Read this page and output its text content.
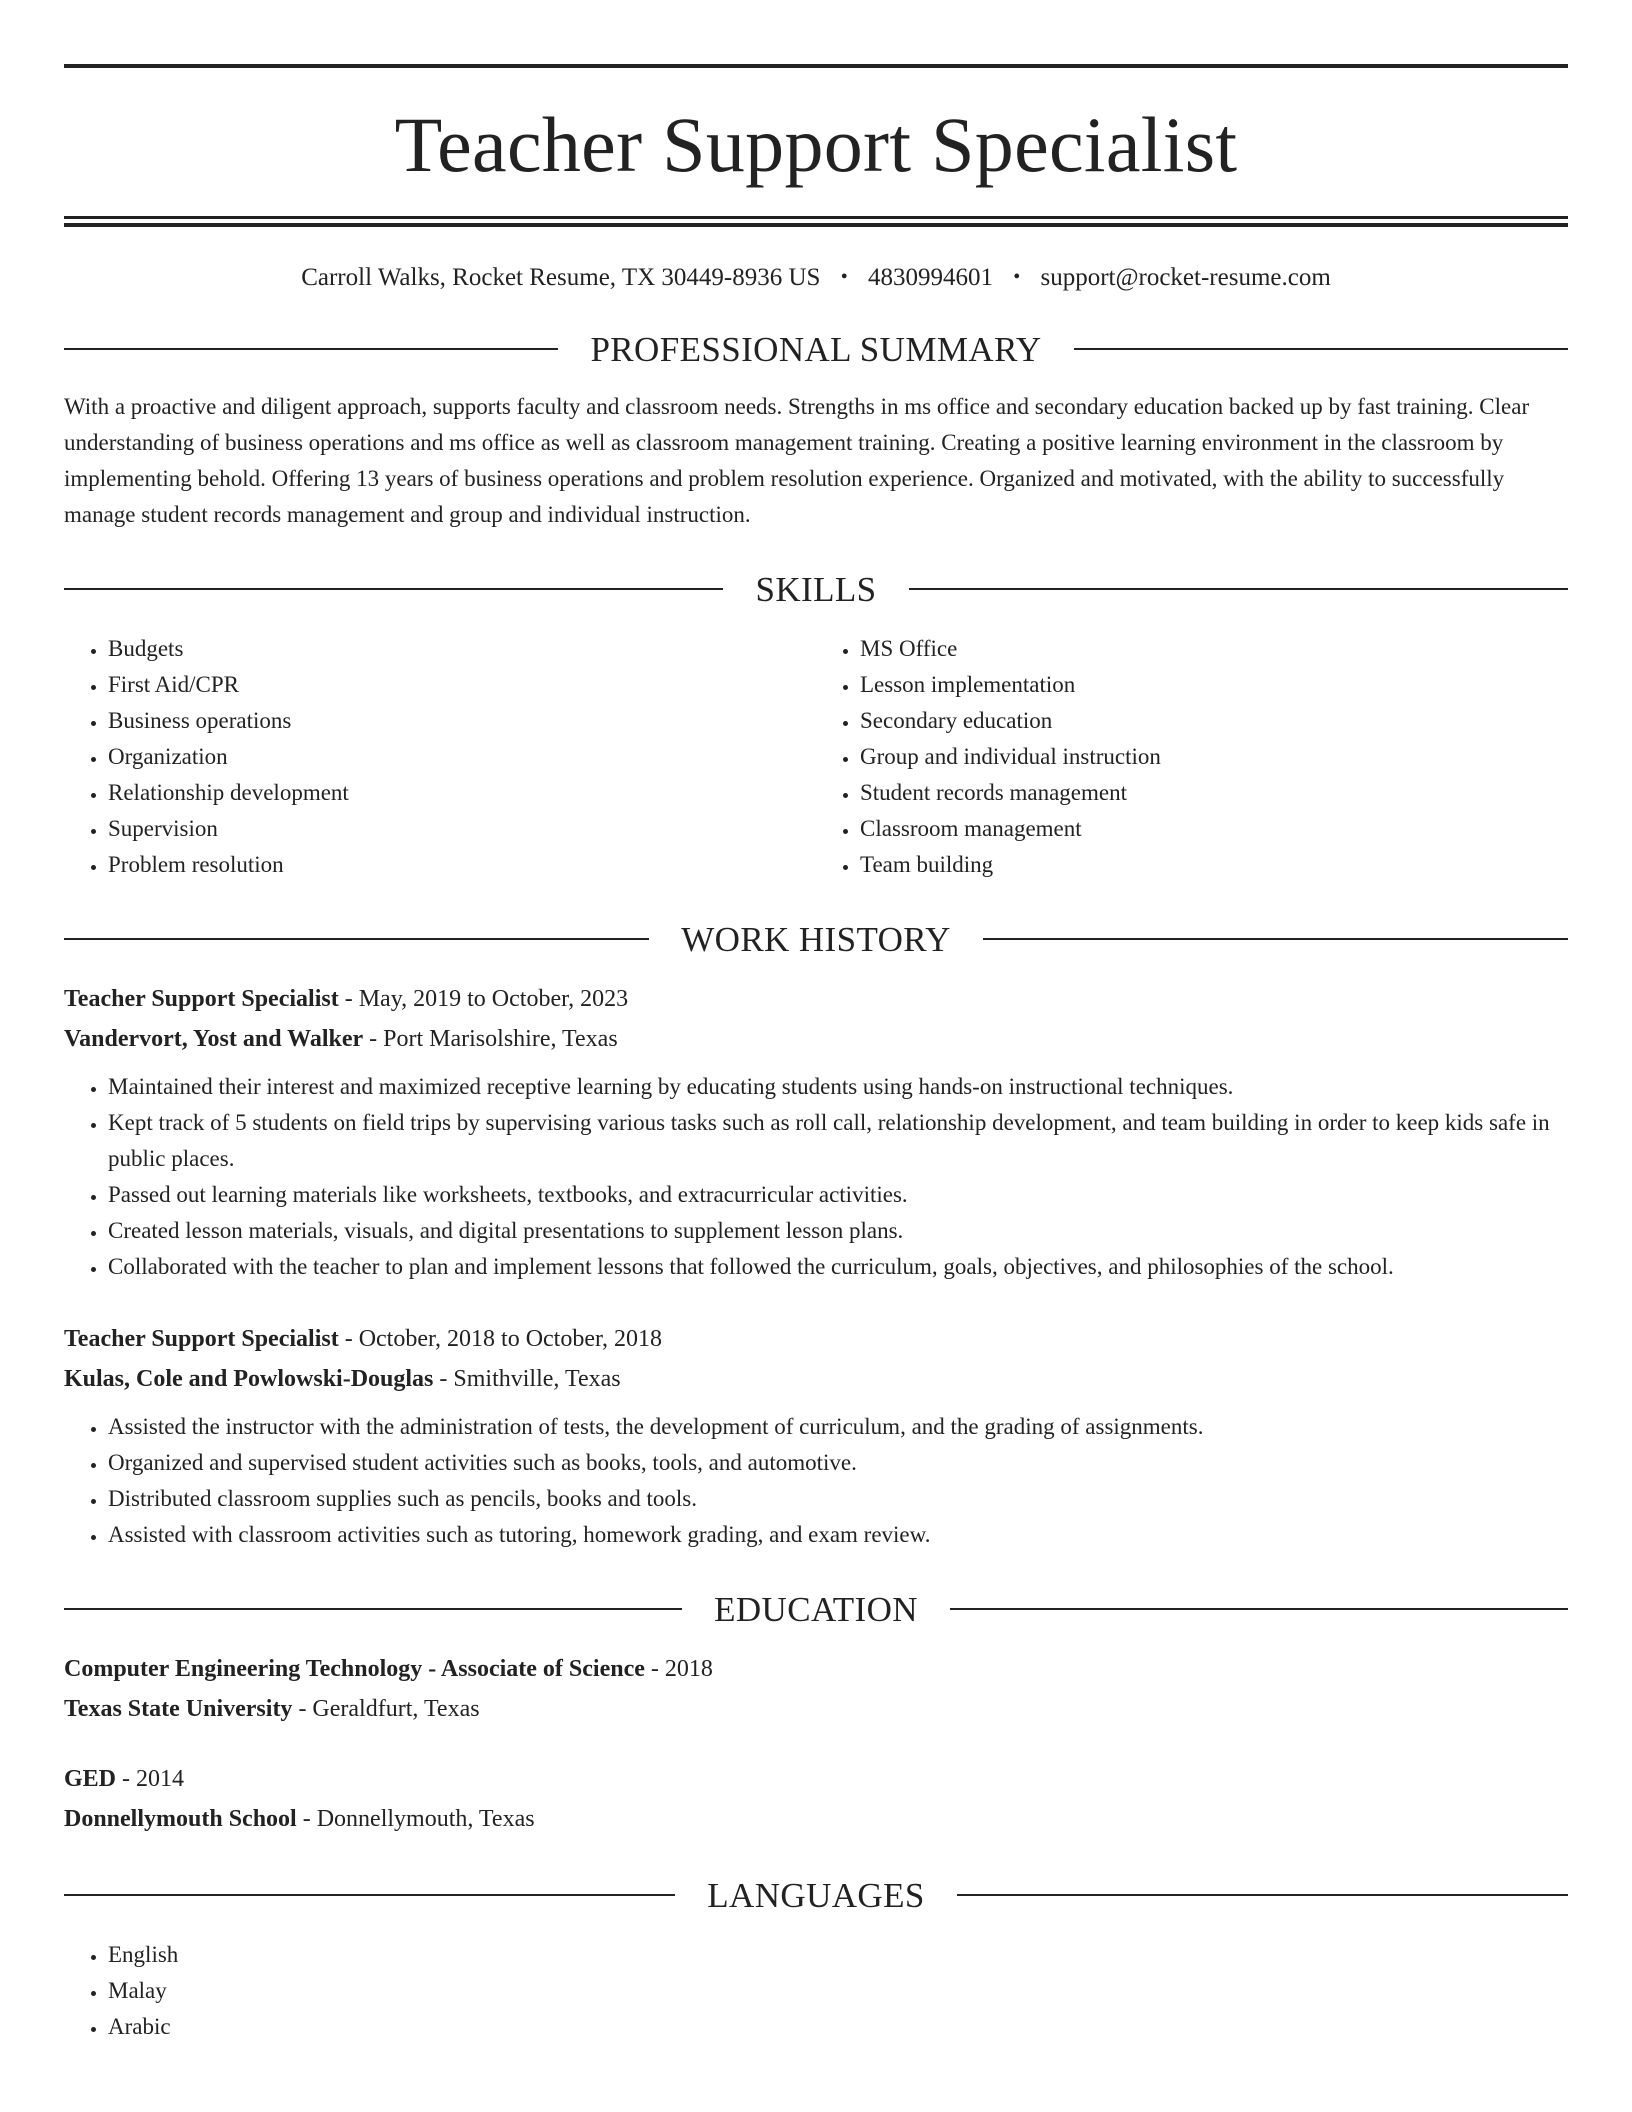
Teacher Support Specialist
Carroll Walks, Rocket Resume, TX 30449-8936 US • 4830994601 • support@rocket-resume.com
PROFESSIONAL SUMMARY
With a proactive and diligent approach, supports faculty and classroom needs. Strengths in ms office and secondary education backed up by fast training. Clear understanding of business operations and ms office as well as classroom management training. Creating a positive learning environment in the classroom by implementing behold. Offering 13 years of business operations and problem resolution experience. Organized and motivated, with the ability to successfully manage student records management and group and individual instruction.
SKILLS
• Budgets
• First Aid/CPR
• Business operations
• Organization
• Relationship development
• Supervision
• Problem resolution
• MS Office
• Lesson implementation
• Secondary education
• Group and individual instruction
• Student records management
• Classroom management
• Team building
WORK HISTORY
Teacher Support Specialist - May, 2019 to October, 2023
Vandervort, Yost and Walker - Port Marisolshire, Texas
• Maintained their interest and maximized receptive learning by educating students using hands-on instructional techniques.
• Kept track of 5 students on field trips by supervising various tasks such as roll call, relationship development, and team building in order to keep kids safe in public places.
• Passed out learning materials like worksheets, textbooks, and extracurricular activities.
• Created lesson materials, visuals, and digital presentations to supplement lesson plans.
• Collaborated with the teacher to plan and implement lessons that followed the curriculum, goals, objectives, and philosophies of the school.
Teacher Support Specialist - October, 2018 to October, 2018
Kulas, Cole and Powlowski-Douglas - Smithville, Texas
• Assisted the instructor with the administration of tests, the development of curriculum, and the grading of assignments.
• Organized and supervised student activities such as books, tools, and automotive.
• Distributed classroom supplies such as pencils, books and tools.
• Assisted with classroom activities such as tutoring, homework grading, and exam review.
EDUCATION
Computer Engineering Technology - Associate of Science - 2018
Texas State University - Geraldfurt, Texas
GED - 2014
Donnellymouth School - Donnellymouth, Texas
LANGUAGES
• English
• Malay
• Arabic
